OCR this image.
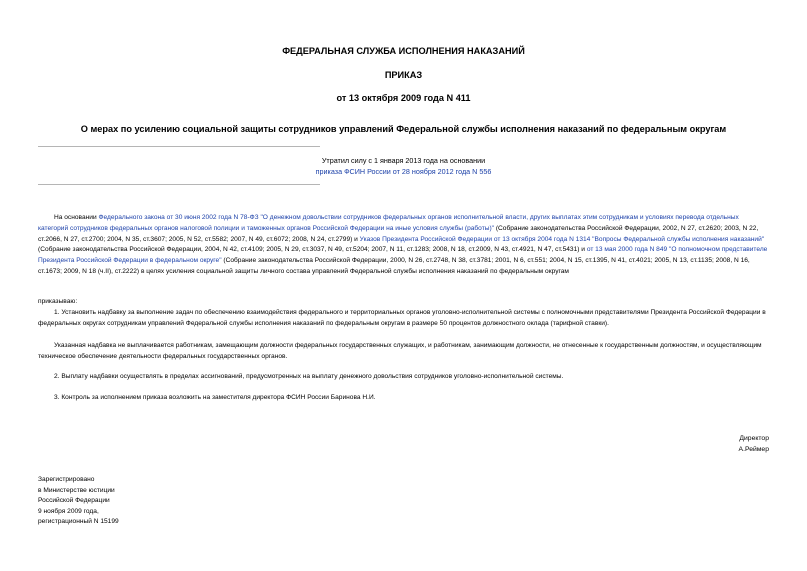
ФЕДЕРАЛЬНАЯ СЛУЖБА ИСПОЛНЕНИЯ НАКАЗАНИЙ
ПРИКАЗ
от 13 октября 2009 года N 411
О мерах по усилению социальной защиты сотрудников управлений Федеральной службы исполнения наказаний по федеральным округам
Утратил силу с 1 января 2013 года на основании
приказа ФСИН России от 28 ноября 2012 года N 556

На основании Федерального закона от 30 июня 2002 года N 78-ФЗ "О денежном довольствии сотрудников федеральных органов исполнительной власти, других выплатах этим сотрудникам и условиях перевода отдельных категорий сотрудников федеральных органов налоговой полиции и таможенных органов Российской Федерации на иные условия службы (работы)" (Собрание законодательства Российской Федерации, 2002, N 27, ст.2620; 2003, N 22, ст.2066, N 27, ст.2700; 2004, N 35, ст.3607; 2005, N 52, ст.5582; 2007, N 49, ст.6072; 2008, N 24, ст.2799) и Указов Президента Российской Федерации от 13 октября 2004 года N 1314 "Вопросы Федеральной службы исполнения наказаний" (Собрание законодательства Российской Федерации, 2004, N 42, ст.4109; 2005, N 29, ст.3037, N 49, ст.5204; 2007, N 11, ст.1283; 2008, N 18, ст.2009, N 43, ст.4921, N 47, ст.5431) и от 13 мая 2000 года N 849 "О полномочном представителе Президента Российской Федерации в федеральном округе" (Собрание законодательства Российской Федерации, 2000, N 26, ст.2748, N 38, ст.3781; 2001, N 6, ст.551; 2004, N 15, ст.1395, N 41, ст.4021; 2005, N 13, ст.1135; 2008, N 16, ст.1673; 2009, N 18 (ч.II), ст.2222) в целях усиления социальной защиты личного состава управлений Федеральной службы исполнения наказаний по федеральным округам

приказываю:

1. Установить надбавку за выполнение задач по обеспечению взаимодействия федерального и территориальных органов уголовно-исполнительной системы с полномочными представителями Президента Российской Федерации в федеральных округах сотрудникам управлений Федеральной службы исполнения наказаний по федеральным округам в размере 50 процентов должностного оклада (тарифной ставки).

Указанная надбавка не выплачивается работникам, замещающим должности федеральных государственных служащих, и работникам, занимающим должности, не отнесенные к государственным должностям, и осуществляющим техническое обеспечение деятельности федеральных государственных органов.

2. Выплату надбавки осуществлять в пределах ассигнований, предусмотренных на выплату денежного довольствия сотрудников уголовно-исполнительной системы.

3. Контроль за исполнением приказа возложить на заместителя директора ФСИН России Баринова Н.И.

Директор
А.Реймер
Зарегистрировано
в Министерстве юстиции
Российской Федерации
9 ноября 2009 года,
регистрационный N 15199
